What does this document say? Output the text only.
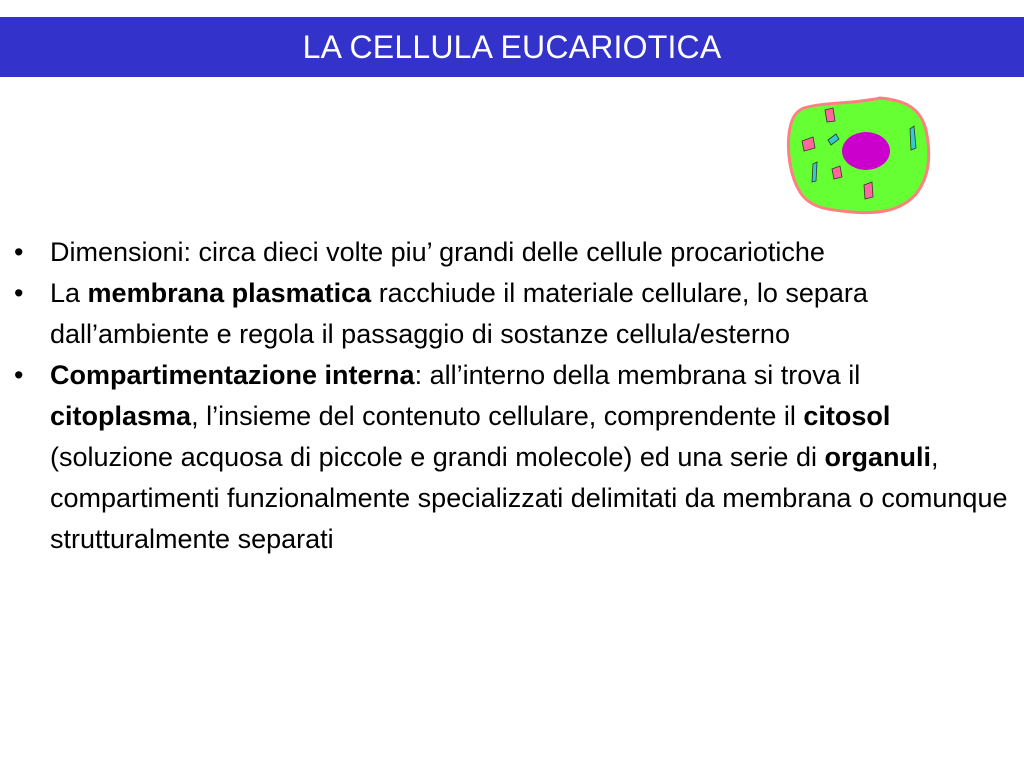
LA CELLULA EUCARIOTICA
• Dimensioni: circa dieci volte piu’ grandi delle cellule procariotiche
• La membrana plasmatica racchiude il materiale cellulare, lo separa dall’ambiente e regola il passaggio di sostanze cellula/esterno
• Compartimentazione interna: all’interno della membrana si trova il citoplasma, l’insieme del contenuto cellulare, comprendente il citosol (soluzione acquosa di piccole e grandi molecole) ed una serie di organuli, compartimenti funzionalmente specializzati delimitati da membrana o comunque strutturalmente separati
